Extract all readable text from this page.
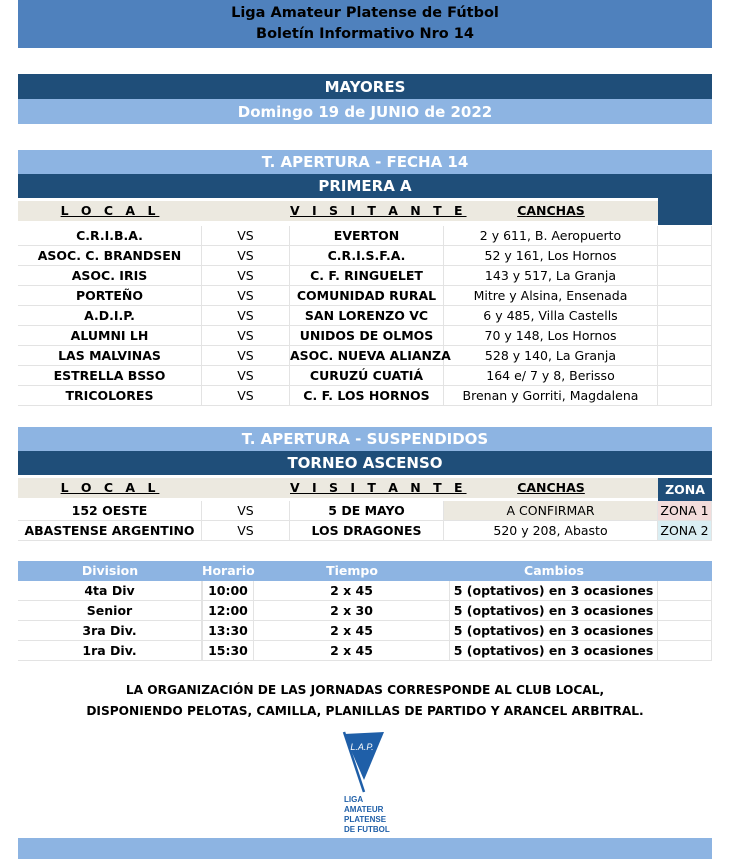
Liga Amateur Platense de Fútbol
Boletín Informativo Nro 14
MAYORES
Domingo 19 de JUNIO de 2022
T. APERTURA - FECHA 14
PRIMERA A
L O C A L	V I S I T A N T E	CANCHAS
C.R.I.B.A.	VS	EVERTON	2 y 611, B. Aeropuerto
ASOC. C. BRANDSEN	VS	C.R.I.S.F.A.	52 y 161, Los Hornos
ASOC. IRIS	VS	C. F. RINGUELET	143 y 517, La Granja
PORTEÑO	VS	COMUNIDAD RURAL	Mitre y Alsina, Ensenada
A.D.I.P.	VS	SAN LORENZO VC	6 y 485, Villa Castells
ALUMNI LH	VS	UNIDOS DE OLMOS	70 y 148, Los Hornos
LAS MALVINAS	VS	ASOC. NUEVA ALIANZA	528 y 140, La Granja
ESTRELLA BSSO	VS	CURUZÚ CUATIÁ	164 e/ 7 y 8, Berisso
TRICOLORES	VS	C. F. LOS HORNOS	Brenan y Gorriti, Magdalena
T. APERTURA - SUSPENDIDOS
TORNEO ASCENSO
L O C A L	V I S I T A N T E	CANCHAS	ZONA
152 OESTE	VS	5 DE MAYO	A CONFIRMAR	ZONA 1
ABASTENSE ARGENTINO	VS	LOS DRAGONES	520 y 208, Abasto	ZONA 2
Division	Horario	Tiempo	Cambios
4ta Div	10:00	2 x 45	5 (optativos) en 3 ocasiones
Senior	12:00	2 x 30	5 (optativos) en 3 ocasiones
3ra Div.	13:30	2 x 45	5 (optativos) en 3 ocasiones
1ra Div.	15:30	2 x 45	5 (optativos) en 3 ocasiones
LA ORGANIZACIÓN DE LAS JORNADAS CORRESPONDE AL CLUB LOCAL,
DISPONIENDO PELOTAS, CAMILLA, PLANILLAS DE PARTIDO Y ARANCEL ARBITRAL.
L.A.P.
LIGA
AMATEUR
PLATENSE
DE FUTBOL
